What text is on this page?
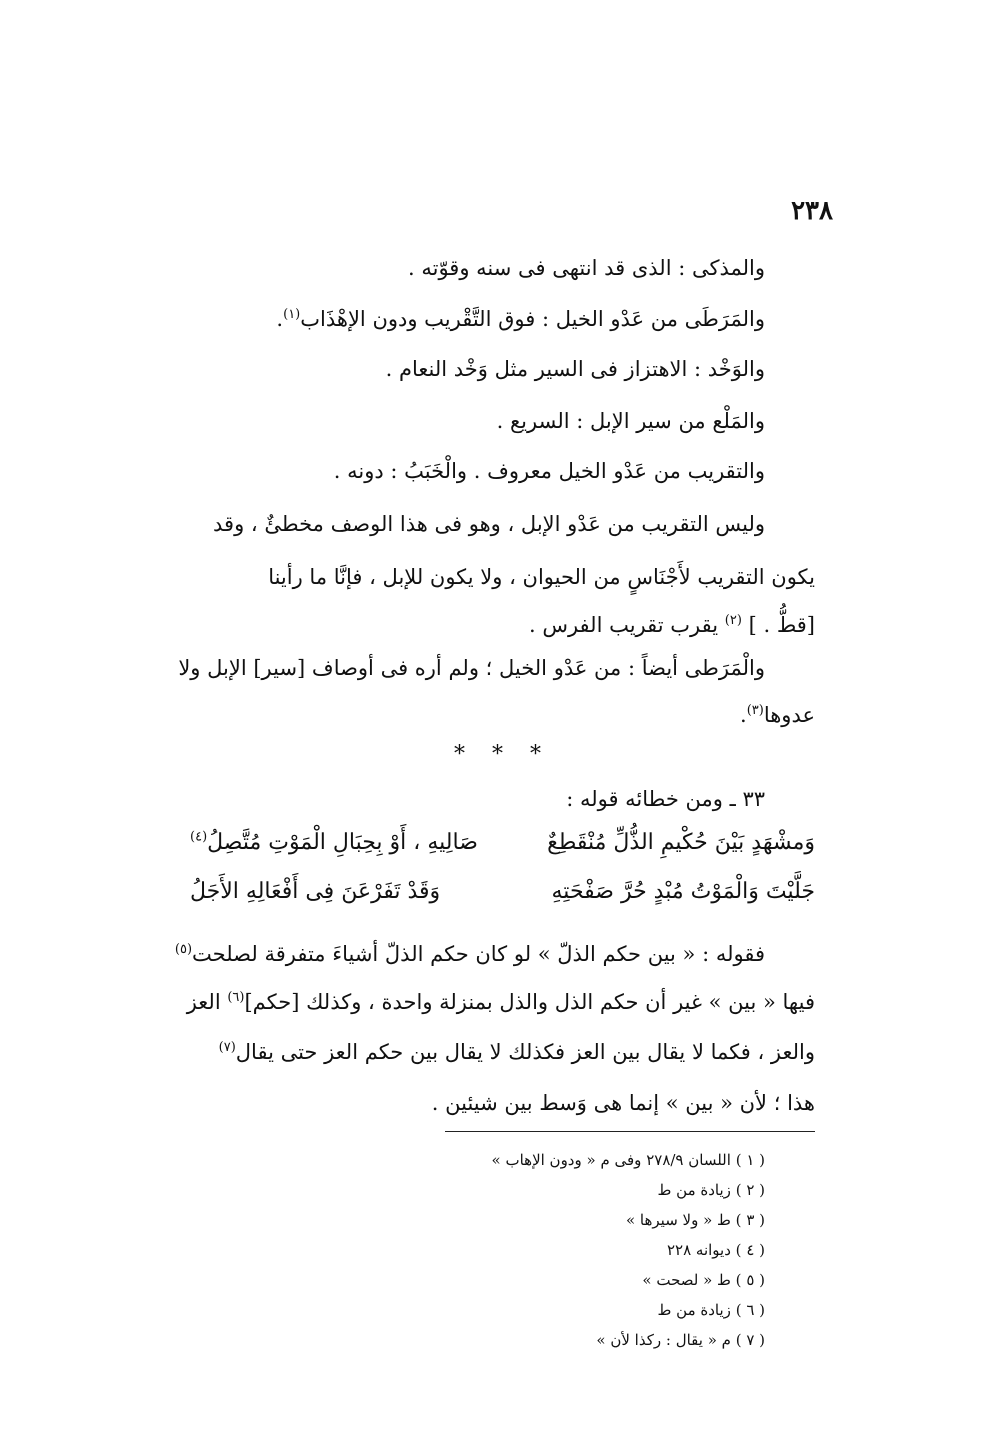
٢٣٨
والمذكى : الذى قد انتهى فى سنه وقوّته .
والمَرَطَى من عَدْو الخيل : فوق التَّقْريب ودون الإهْذَاب$^{(١)}$.
والوَخْد : الاهتزاز فى السير مثل وَخْد النعام .
والمَلْع من سير الإبل : السريع .
والتقريب من عَدْو الخيل معروف . والْخَبَبُ : دونه .
وليس التقريب من عَدْو الإبل ، وهو فى هذا الوصف مخطئٌ ، وقد
يكون التقريب لأَجْنَاسٍ من الحيوان ، ولا يكون للإبل ، فإنَّا ما رأينا
[قطُّ . ] $^{(٢)}$ يقرب تقريب الفرس .
والْمَرَطى أيضاً : من عَدْو الخيل ؛ ولم أره فى أوصاف [سير] الإبل ولا
عدوها$^{(٣)}$.
* * *
٣٣ ـ ومن خطائه قوله :
وَمشْهَدٍ بَيْنَ حُكْيمِ الذُّلِّ مُنْقَطِعٌ
صَالِيهِ ، أَوْ بِحِبَالِ الْمَوْتِ مُتَّصِلُ$^{(٤)}$
جَلَّيْتَ وَالْمَوْتُ مُبْدٍ حُرَّ صَفْحَتِهِ
وَقَدْ تَفَرْعَنَ فِى أَفْعَالِهِ الأَجَلُ
فقوله : « بين حكم الذلّ » لو كان حكم الذلّ أشياءَ متفرقة لصلحت$^{(٥)}$
فيها « بين » غير أن حكم الذل والذل بمنزلة واحدة ، وكذلك [حكم]$^{(٦)}$ العز
والعز ، فكما لا يقال بين العز فكذلك لا يقال بين حكم العز حتى يقال$^{(٧)}$
هذا ؛ لأن « بين » إنما هى وَسط بين شيئين .
( ١ ) اللسان ٢٧٨/٩ وفى م « ودون الإهاب »
( ٢ ) زيادة من ط
( ٣ ) ط « ولا سيرها »
( ٤ ) ديوانه ٢٢٨
( ٥ ) ط « لصحت »
( ٦ ) زيادة من ط
( ٧ ) م « يقال : ركذا لأن »
